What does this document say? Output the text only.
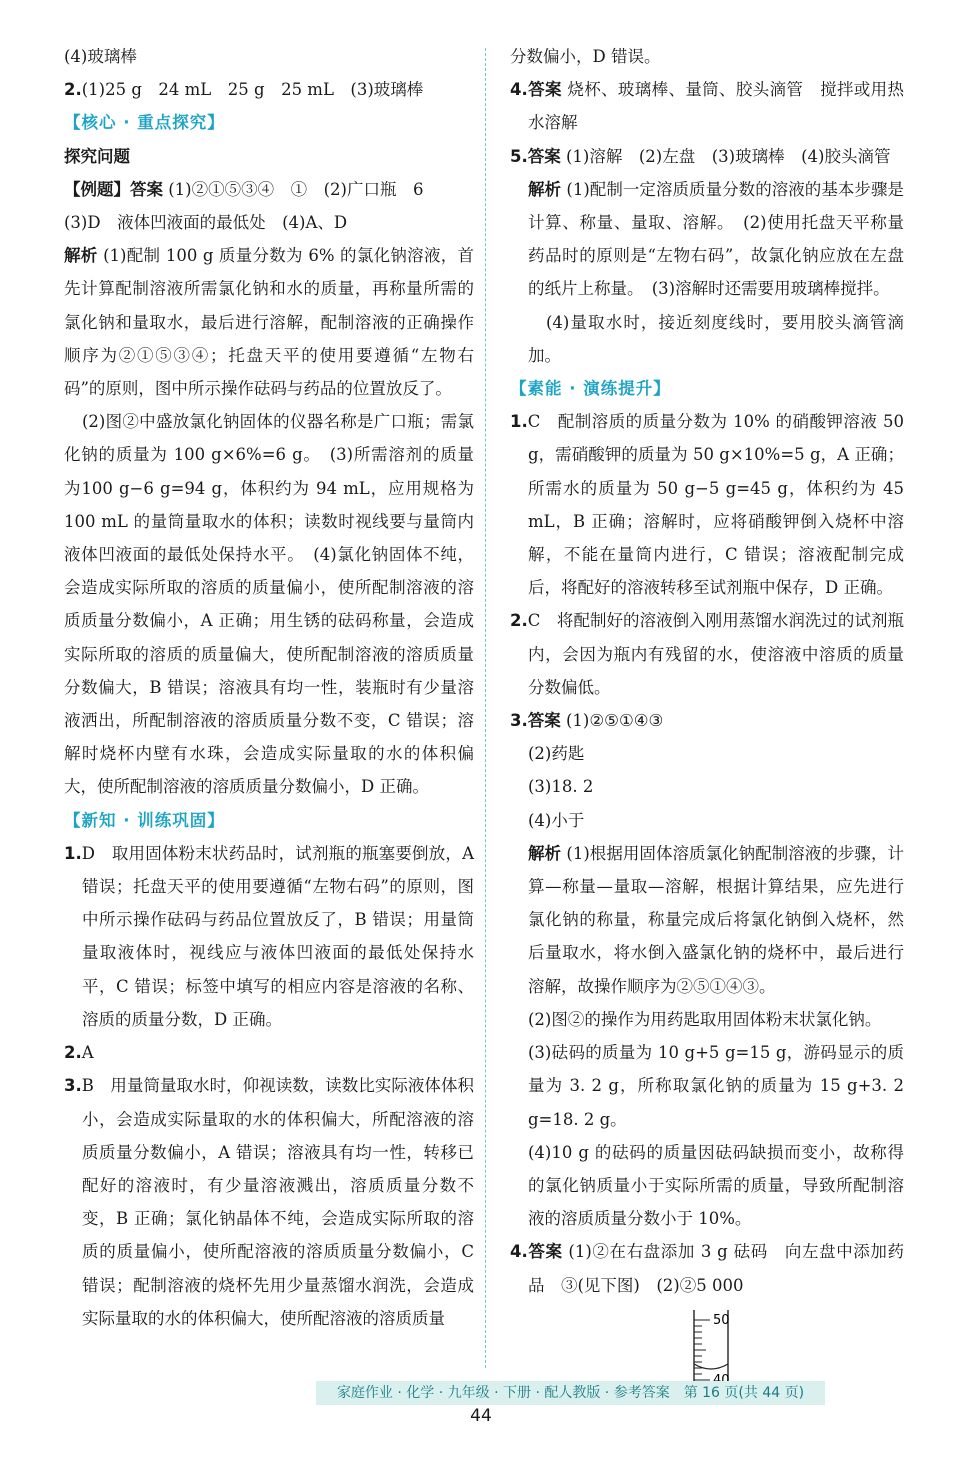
(4)玻璃棒

2.(1)25 g　24 mL　25 g　25 mL　(3)玻璃棒

【核心 · 重点探究】

探究问题

【例题】答案 (1)②①⑤③④　①　(2)广口瓶　6

(3)D　液体凹液面的最低处　(4)A、D

解析 (1)配制 100 g 质量分数为 6% 的氯化钠溶液，首先计算配制溶液所需氯化钠和水的质量，再称量所需的氯化钠和量取水，最后进行溶解，配制溶液的正确操作顺序为②①⑤③④；托盘天平的使用要遵循“左物右码”的原则，图中所示操作砝码与药品的位置放反了。

(2)图②中盛放氯化钠固体的仪器名称是广口瓶；需氯化钠的质量为 100 g×6%=6 g。　(3)所需溶剂的质量为100 g−6 g=94 g，体积约为 94 mL，应用规格为100 mL 的量筒量取水的体积；读数时视线要与量筒内液体凹液面的最低处保持水平。　(4)氯化钠固体不纯，会造成实际所取的溶质的质量偏小，使所配制溶液的溶质质量分数偏小，A 正确；用生锈的砝码称量，会造成实际所取的溶质的质量偏大，使所配制溶液的溶质质量分数偏大，B 错误；溶液具有均一性，装瓶时有少量溶液洒出，所配制溶液的溶质质量分数不变，C 错误；溶解时烧杯内壁有水珠，会造成实际量取的水的体积偏大，使所配制溶液的溶质质量分数偏小，D 正确。

【新知 · 训练巩固】

1.D　取用固体粉末状药品时，试剂瓶的瓶塞要倒放，A 错误；托盘天平的使用要遵循“左物右码”的原则，图中所示操作砝码与药品位置放反了，B 错误；用量筒量取液体时，视线应与液体凹液面的最低处保持水平，C 错误；标签中填写的相应内容是溶液的名称、溶质的质量分数，D 正确。

2.A

3.B　用量筒量取水时，仰视读数，读数比实际液体体积小，会造成实际量取的水的体积偏大，所配溶液的溶质质量分数偏小，A 错误；溶液具有均一性，转移已配好的溶液时，有少量溶液溅出，溶质质量分数不变，B 正确；氯化钠晶体不纯，会造成实际所取的溶质的质量偏小，使所配溶液的溶质质量分数偏小，C 错误；配制溶液的烧杯先用少量蒸馏水润洗，会造成实际量取的水的体积偏大，使所配溶液的溶质质量

分数偏小，D 错误。

4.答案 烧杯、玻璃棒、量筒、胶头滴管　搅拌或用热水溶解

5.答案 (1)溶解　(2)左盘　(3)玻璃棒　(4)胶头滴管

解析 (1)配制一定溶质质量分数的溶液的基本步骤是计算、称量、量取、溶解。　(2)使用托盘天平称量药品时的原则是“左物右码”，故氯化钠应放在左盘的纸片上称量。　(3)溶解时还需要用玻璃棒搅拌。

(4)量取水时，接近刻度线时，要用胶头滴管滴加。

【素能 · 演练提升】

1.C　配制溶质的质量分数为 10% 的硝酸钾溶液 50 g，需硝酸钾的质量为 50 g×10%=5 g，A 正确；所需水的质量为 50 g−5 g=45 g，体积约为 45 mL，B 正确；溶解时，应将硝酸钾倒入烧杯中溶解，不能在量筒内进行，C 错误；溶液配制完成后，将配好的溶液转移至试剂瓶中保存，D 正确。

2.C　将配制好的溶液倒入刚用蒸馏水润洗过的试剂瓶内，会因为瓶内有残留的水，使溶液中溶质的质量分数偏低。

3.答案 (1)②⑤①④③

(2)药匙

(3)18. 2

(4)小于

解析 (1)根据用固体溶质氯化钠配制溶液的步骤，计算—称量—量取—溶解，根据计算结果，应先进行氯化钠的称量，称量完成后将氯化钠倒入烧杯，然后量取水，将水倒入盛氯化钠的烧杯中，最后进行溶解，故操作顺序为②⑤①④③。

(2)图②的操作为用药匙取用固体粉末状氯化钠。

(3)砝码的质量为 10 g+5 g=15 g，游码显示的质量为 3. 2 g，所称取氯化钠的质量为 15 g+3. 2 g=18. 2 g。

(4)10 g 的砝码的质量因砝码缺损而变小，故称得的氯化钠质量小于实际所需的质量，导致所配制溶液的溶质质量分数小于 10%。

4.答案 (1)②在右盘添加 3 g 砝码　向左盘中添加药品　③(见下图)　(2)②5 000

50
家庭作业 · 化学 · 九年级 · 下册 · 配人教版 · 参考答案　第 16 页(共 44 页)
44
